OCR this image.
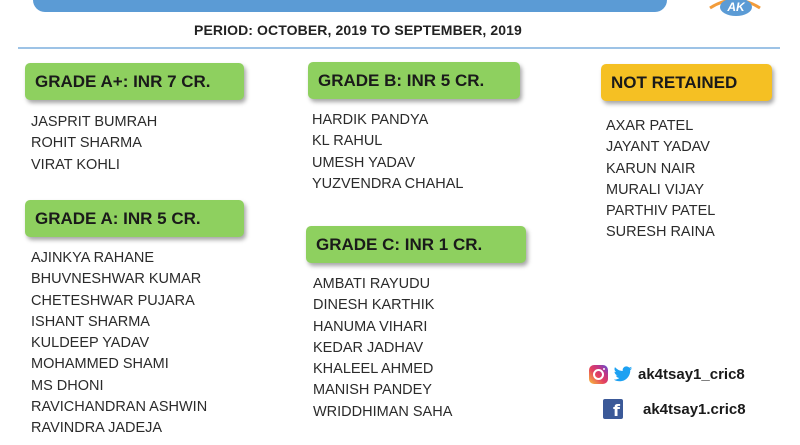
AK
PERIOD: OCTOBER, 2019 TO SEPTEMBER, 2019
GRADE A+: INR 7 CR.
JASPRIT BUMRAH
ROHIT SHARMA
VIRAT KOHLI
GRADE A: INR 5 CR.
AJINKYA RAHANE
BHUVNESHWAR KUMAR
CHETESHWAR PUJARA
ISHANT SHARMA
KULDEEP YADAV
MOHAMMED SHAMI
MS DHONI
RAVICHANDRAN ASHWIN
RAVINDRA JADEJA
GRADE B: INR 5 CR.
HARDIK PANDYA
KL RAHUL
UMESH YADAV
YUZVENDRA CHAHAL
GRADE C: INR 1 CR.
AMBATI RAYUDU
DINESH KARTHIK
HANUMA VIHARI
KEDAR JADHAV
KHALEEL AHMED
MANISH PANDEY
WRIDDHIMAN SAHA
NOT RETAINED
AXAR PATEL
JAYANT YADAV
KARUN NAIR
MURALI VIJAY
PARTHIV PATEL
SURESH RAINA
ak4tsay1_cric8
f ak4tsay1.cric8
